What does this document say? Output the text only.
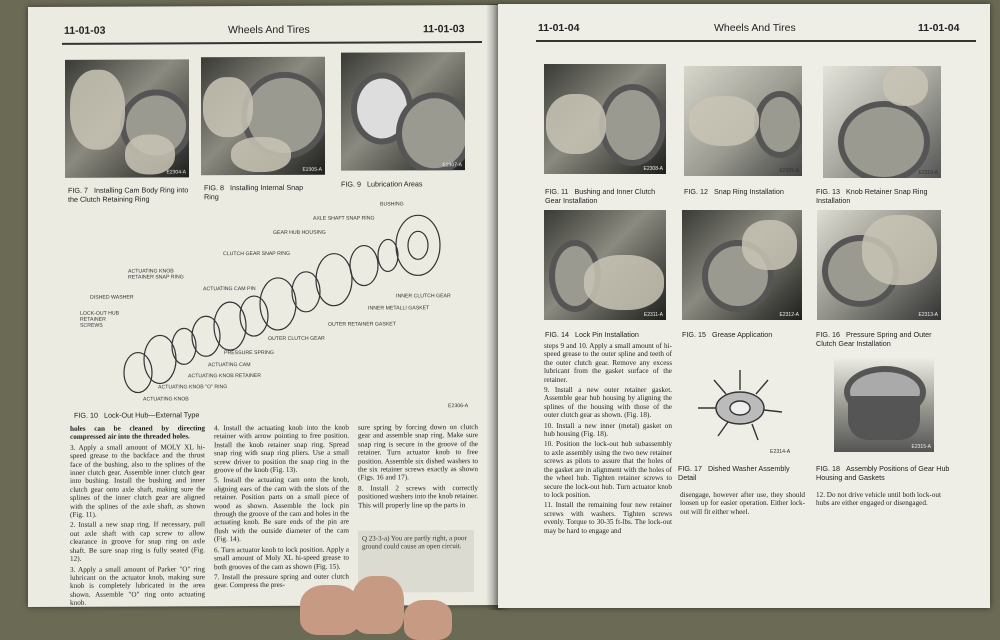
11-01-03	Wheels And Tires	11-01-03
E2304-A
FIG. 7 Installing Cam Body Ring into the Clutch Retaining Ring
E2305-A
FIG. 8 Installing Internal Snap Ring
E2307-A
FIG. 9 Lubrication Areas
BUSHING
AXLE SHAFT SNAP RING
GEAR HUB HOUSING
CLUTCH GEAR SNAP RING
ACTUATING KNOB RETAINER SNAP RING
ACTUATING CAM PIN
DISHED WASHER
LOCK-OUT HUB RETAINER SCREWS
INNER METALLI GASKET
INNER CLUTCH GEAR
OUTER RETAINER GASKET
OUTER CLUTCH GEAR
PRESSURE SPRING
ACTUATING CAM
ACTUATING KNOB RETAINER
ACTUATING KNOB "O" RING
ACTUATING KNOB
E2306-A
FIG. 10 Lock-Out Hub—External Type

holes can be cleaned by directing compressed air into the threaded holes.

3. Apply a small amount of MOLY XL hi-speed grease to the backface and the thrust face of the bushing, also to the splines of the inner clutch gear. Assemble inner clutch gear into bushing. Install the bushing and inner clutch gear onto axle shaft, making sure the splines of the inner clutch gear are aligned with the splines of the axle shaft, as shown (Fig. 11).

2. Install a new snap ring. If necessary, pull out axle shaft with cap screw to allow clearance in groove for snap ring on axle shaft. Be sure snap ring is fully seated (Fig. 12).

3. Apply a small amount of Parker "O" ring lubricant on the actuator knob, making sure knob is completely lubricated in the area shown. Assemble "O" ring onto actuating knob.

4. Install the actuating knob into the knob retainer with arrow pointing to free position. Install the knob retainer snap ring. Spread snap ring with snap ring pliers. Use a small screw driver to position the snap ring in the groove of the knob (Fig. 13).

5. Install the actuating cam onto the knob, aligning ears of the cam with the slots of the retainer. Position parts on a small piece of wood as shown. Assemble the lock pin through the groove of the cam and holes in the actuating knob. Be sure ends of the pin are flush with the outside diameter of the cam (Fig. 14).

6. Turn actuator knob to lock position. Apply a small amount of Moly XL hi-speed grease to both grooves of the cam as shown (Fig. 15).

7. Install the pressure spring and outer clutch gear. Compress the pres-

sure spring by forcing down on clutch gear and assemble snap ring. Make sure snap ring is secure in the groove of the retainer. Turn actuator knob to free position. Assemble six dished washers to the six retainer screws exactly as shown (Figs. 16 and 17).

8. Install 2 screws with correctly positioned washers into the knob retainer. This will properly line up the parts in

Q 23-3-a) You are partly right, a poor ground could cause an open circuit.
11-01-04	Wheels And Tires	11-01-04
E2308-A	E2309-A	E2310-A
FIG. 11 Bushing and Inner Clutch Gear Installation
FIG. 12 Snap Ring Installation	FIG. 13 Knob Retainer Snap Ring Installation
E2311-A	E2312-A	E2313-A
FIG. 14 Lock Pin Installation	FIG. 15 Grease Application	FIG. 16 Pressure Spring and Outer Clutch Gear Installation
E2314-A
FIG. 17 Dished Washer Assembly Detail
E2315-A
FIG. 18 Assembly Positions of Gear Hub Housing and Gaskets

steps 9 and 10. Apply a small amount of hi-speed grease to the outer spline and teeth of the outer clutch gear. Remove any excess lubricant from the gasket surface of the retainer.

9. Install a new outer retainer gasket. Assemble gear hub housing by aligning the splines of the housing with those of the outer clutch gear as shown. (Fig. 18).

10. Install a new inner (metal) gasket on hub housing (Fig. 18).

10. Position the lock-out hub subassembly to axle assembly using the two new retainer screws as pilots to assure that the holes of the gasket are in alignment with the holes of the wheel hub. Tighten retainer screws to secure the lock-out hub. Turn actuator knob to lock position.

11. Install the remaining four new retainer screws with washers. Tighten screws evenly. Torque to 30-35 ft-lbs. The lock-out may be hard to engage and

disengage, however after use, they should loosen up for easier operation. Either lock-out will fit either wheel.

12. Do not drive vehicle until both lock-out hubs are either engaged or disengaged.
